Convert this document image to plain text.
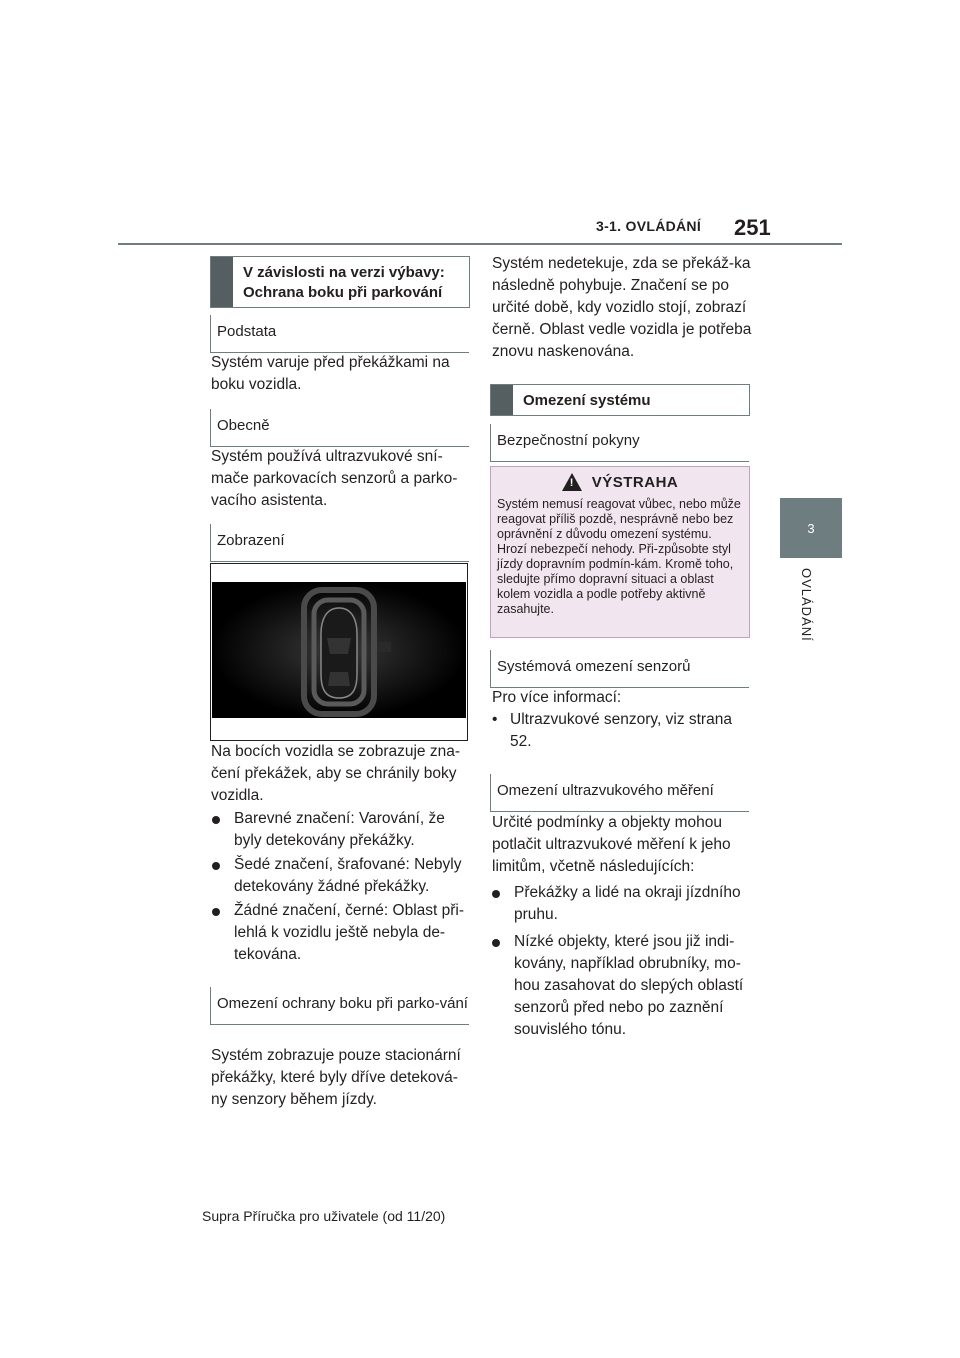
3-1. OVLÁDÁNÍ 251
3
OVLÁDÁNÍ
V závislosti na verzi výbavy:
Ochrana boku při parkování
Podstata
Systém varuje před překážkami na boku vozidla.
Obecně
Systém používá ultrazvukové sní-mače parkovacích senzorů a parko-vacího asistenta.
Zobrazení
Na bocích vozidla se zobrazuje zna-čení překážek, aby se chránily boky vozidla.
Barevné značení: Varování, že byly detekovány překážky.
Šedé značení, šrafované: Nebyly detekovány žádné překážky.
Žádné značení, černé: Oblast při-lehlá k vozidlu ještě nebyla de-tekována.
Omezení ochrany boku při parko-vání
Systém zobrazuje pouze stacionární překážky, které byly dříve deteková-ny senzory během jízdy.
Systém nedetekuje, zda se překáž-ka následně pohybuje. Značení se po určité době, kdy vozidlo stojí, zobrazí černě. Oblast vedle vozidla je potřeba znovu naskenována.
Omezení systému
Bezpečnostní pokyny
! VÝSTRAHA
Systém nemusí reagovat vůbec, nebo může reagovat příliš pozdě, nesprávně nebo bez oprávnění z důvodu omezení systému. Hrozí nebezpečí nehody. Při-způsobte styl jízdy dopravním podmín-kám. Kromě toho, sledujte přímo dopravní situaci a oblast kolem vozidla a podle potřeby aktivně zasahujte.
Systémová omezení senzorů
Pro více informací:
• Ultrazvukové senzory, viz strana 52.
Omezení ultrazvukového měření
Určité podmínky a objekty mohou potlačit ultrazvukové měření k jeho limitům, včetně následujících:
Překážky a lidé na okraji jízdního pruhu.
Nízké objekty, které jsou již indi-kovány, například obrubníky, mo-hou zasahovat do slepých oblastí senzorů před nebo po zaznění souvislého tónu.
Supra Příručka pro uživatele (od 11/20)
